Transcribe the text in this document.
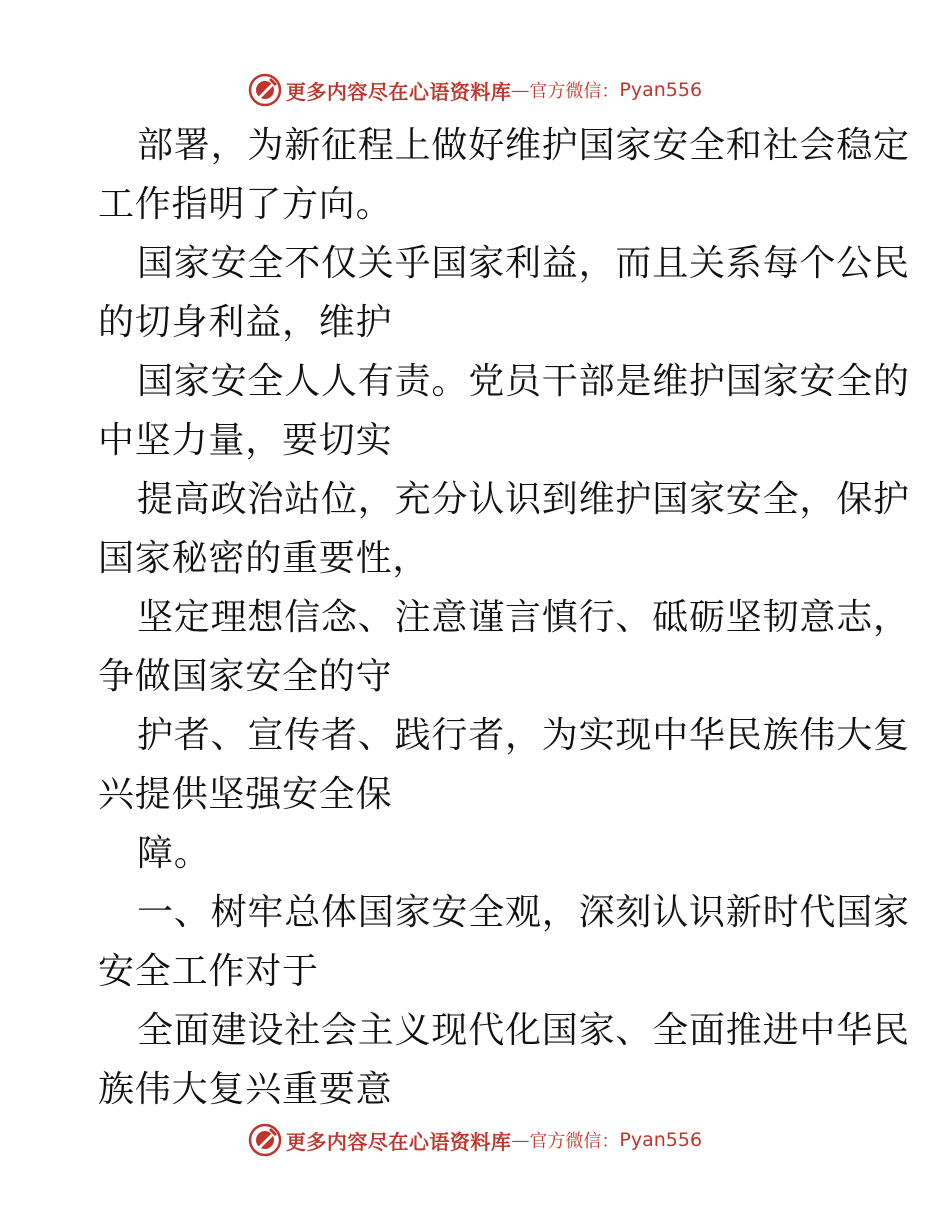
更多内容尽在心语资料库 — 官方微信： Pyan556
部署，为新征程上做好维护国家安全和社会稳定
工作指明了方向。
国家安全不仅关乎国家利益，而且关系每个公民
的切身利益，维护
国家安全人人有责。党员干部是维护国家安全的
中坚力量，要切实
提高政治站位，充分认识到维护国家安全，保护
国家秘密的重要性，
坚定理想信念、注意谨言慎行、砥砺坚韧意志，
争做国家安全的守
护者、宣传者、践行者，为实现中华民族伟大复
兴提供坚强安全保
障。
一、树牢总体国家安全观，深刻认识新时代国家
安全工作对于
全面建设社会主义现代化国家、全面推进中华民
族伟大复兴重要意
更多内容尽在心语资料库 — 官方微信： Pyan556
